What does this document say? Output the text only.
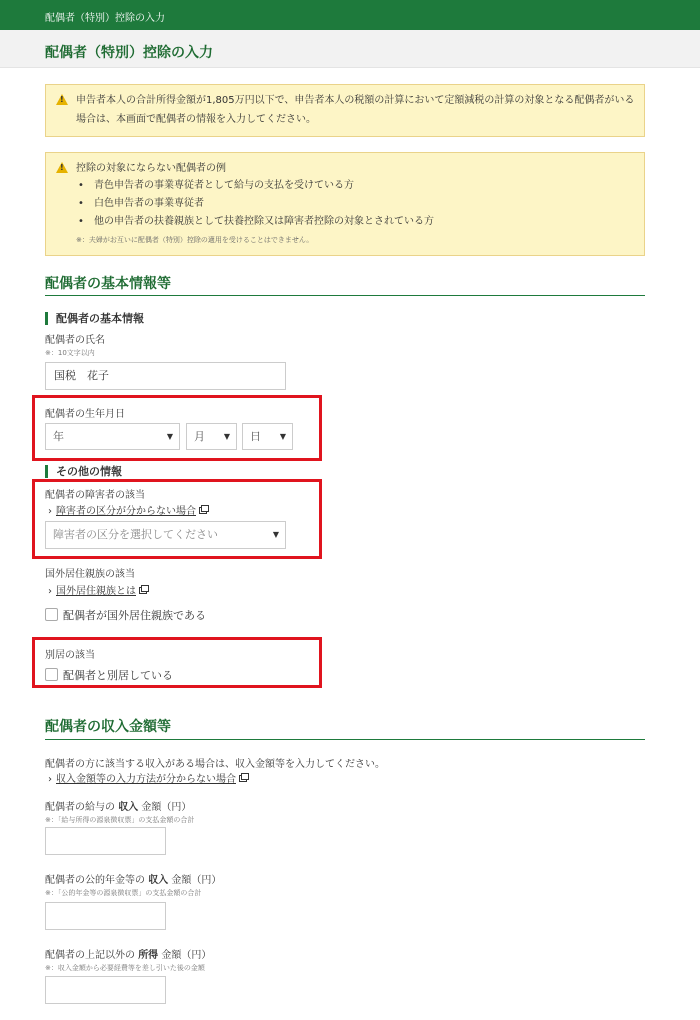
配偶者（特別）控除の入力
配偶者（特別）控除の入力
!
申告者本人の合計所得金額が1,805万円以下で、申告者本人の税額の計算において定額減税の計算の対象となる配偶者がいる
場合は、本画面で配偶者の情報を入力してください。
!
控除の対象にならない配偶者の例
• 青色申告者の事業専従者として給与の支払を受けている方
• 白色申告者の事業専従者
• 他の申告者の扶養親族として扶養控除又は障害者控除の対象とされている方
※：夫婦がお互いに配偶者（特別）控除の適用を受けることはできません。
配偶者の基本情報等
配偶者の基本情報
配偶者の氏名
※：10文字以内
国税　花子
配偶者の生年月日
年	▼ 月 ▼ 日 ▼
その他の情報
配偶者の障害者の該当
› 障害者の区分が分からない場合
障害者の区分を選択してください	▼
国外居住親族の該当
› 国外居住親族とは
配偶者が国外居住親族である
別居の該当
配偶者と別居している
配偶者の収入金額等
配偶者の方に該当する収入がある場合は、収入金額等を入力してください。
› 収入金額等の入力方法が分からない場合
配偶者の給与の 収入 金額（円）
※：「給与所得の源泉徴収票」の支払金額の合計
配偶者の公的年金等の 収入 金額（円）
※：「公的年金等の源泉徴収票」の支払金額の合計
配偶者の上記以外の 所得 金額（円）
※：収入金額から必要経費等を差し引いた後の金額
